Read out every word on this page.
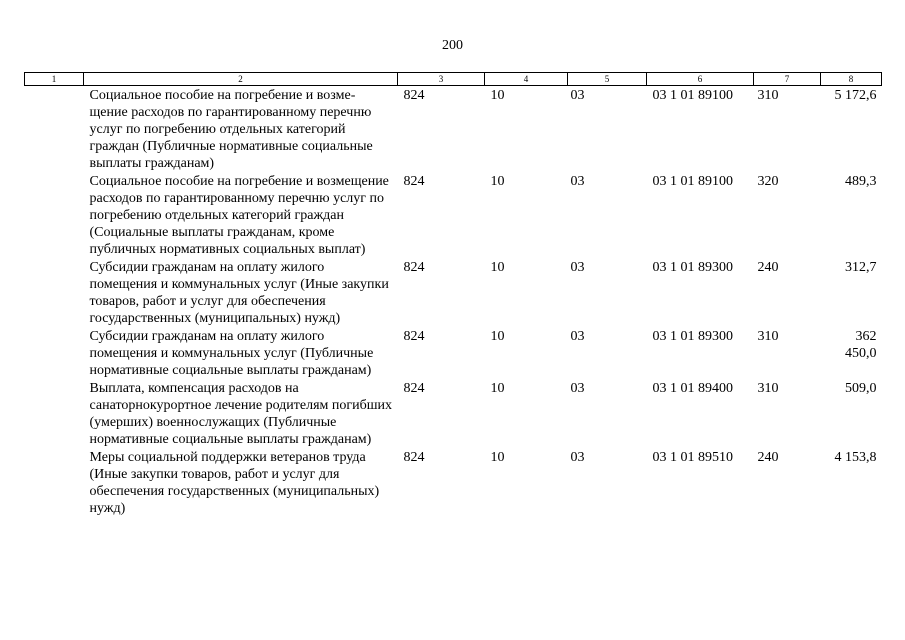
200
1	2	3	4	5	6	7	8
	Социальное пособие на погребение и возме- щение расходов по гарантированному перечню услуг по погребению отдельных категорий граждан (Публичные нормативные социальные выплаты гражданам)	824	10	03	03 1 01 89100	310	5 172,6
	Социальное пособие на погребение и возмещение расходов по гарантированному перечню услуг по погребению отдельных категорий граждан (Социальные выплаты гражданам, кроме публичных нормативных социальных выплат)	824	10	03	03 1 01 89100	320	489,3
	Субсидии гражданам на оплату жилого помещения и коммунальных услуг (Иные закупки товаров, работ и услуг для обеспечения государственных (муниципальных) нужд)	824	10	03	03 1 01 89300	240	312,7
	Субсидии гражданам на оплату жилого помещения и коммунальных услуг (Публичные нормативные социальные выплаты гражданам)	824	10	03	03 1 01 89300	310	362 450,0
	Выплата, компенсация расходов на санаторнокурортное лечение родителям погибших (умерших) военнослужащих (Публичные нормативные социальные выплаты гражданам)	824	10	03	03 1 01 89400	310	509,0
	Меры социальной поддержки ветеранов труда (Иные закупки товаров, работ и услуг для обеспечения государственных (муниципальных) нужд)	824	10	03	03 1 01 89510	240	4 153,8
